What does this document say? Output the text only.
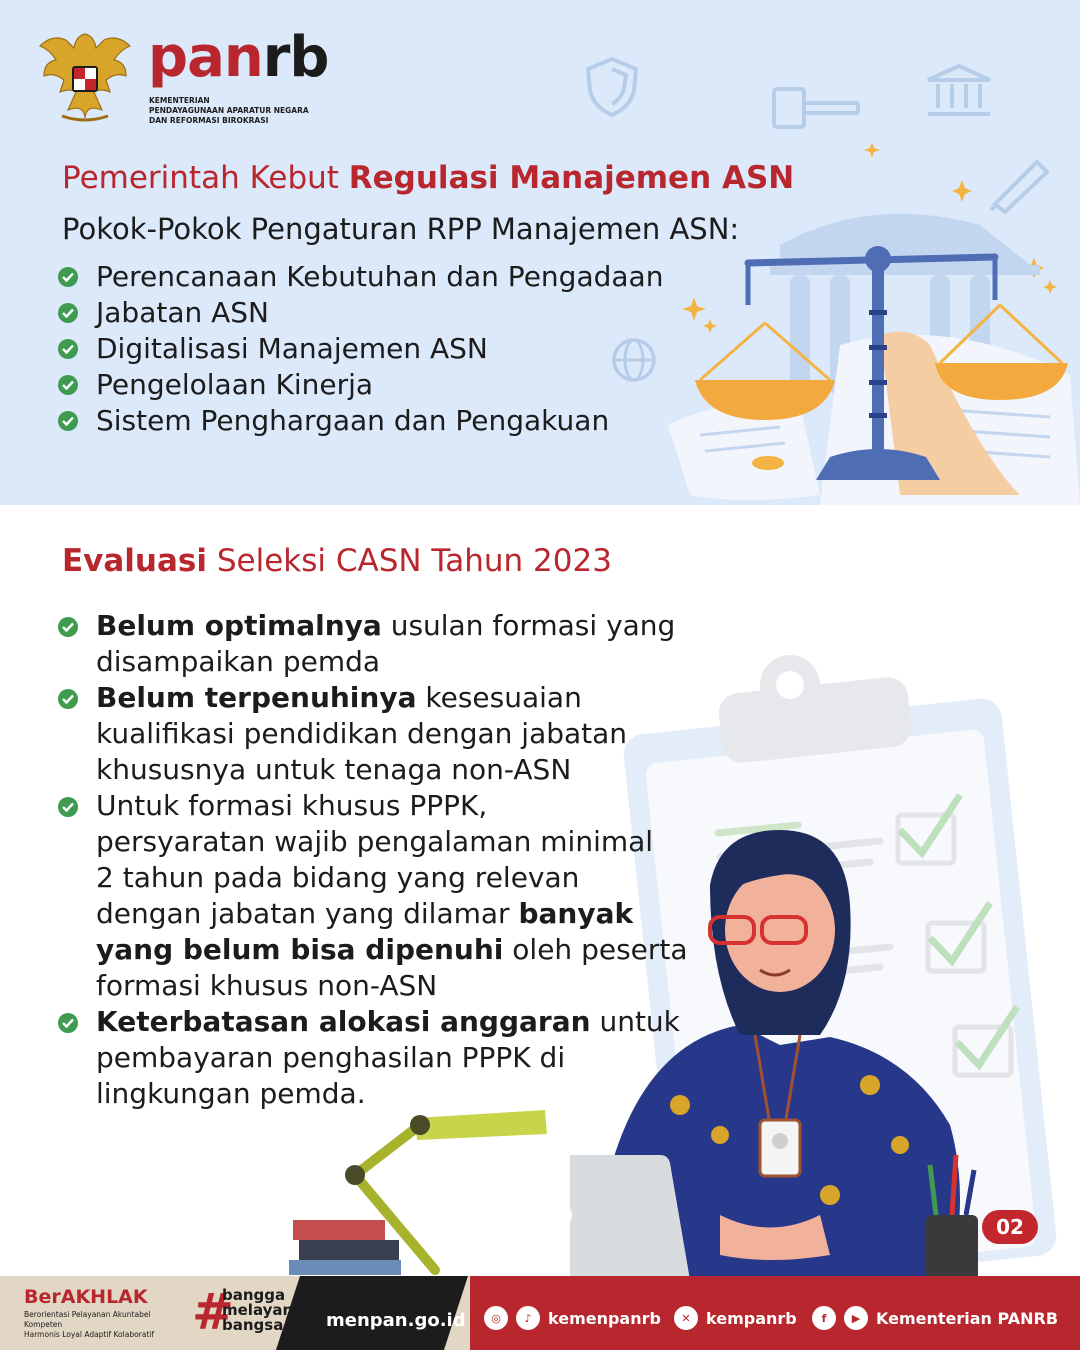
panrb
KEMENTERIAN
PENDAYAGUNAAN APARATUR NEGARA
DAN REFORMASI BIROKRASI
Pemerintah Kebut Regulasi Manajemen ASN
Pokok-Pokok Pengaturan RPP Manajemen ASN:
Perencanaan Kebutuhan dan Pengadaan
Jabatan ASN
Digitalisasi Manajemen ASN
Pengelolaan Kinerja
Sistem Penghargaan dan Pengakuan
Evaluasi Seleksi CASN Tahun 2023
Belum optimalnya usulan formasi yang
disampaikan pemda
Belum terpenuhinya kesesuaian
kualifikasi pendidikan dengan jabatan
khususnya untuk tenaga non-ASN
Untuk formasi khusus PPPK,
persyaratan wajib pengalaman minimal
2 tahun pada bidang yang relevan
dengan jabatan yang dilamar banyak
yang belum bisa dipenuhi oleh peserta
formasi khusus non-ASN
Keterbatasan alokasi anggaran untuk
pembayaran penghasilan PPPK di
lingkungan pemda.
02
BerAKHLAK
Berorientasi Pelayanan Akuntabel Kompeten
Harmonis Loyal Adaptif Kolaboratif #
bangga
melayani
bangsa	menpan.go.id	◎	♪	kemenpanrb	✕ kempanrb	f	▶ Kementerian PANRB
